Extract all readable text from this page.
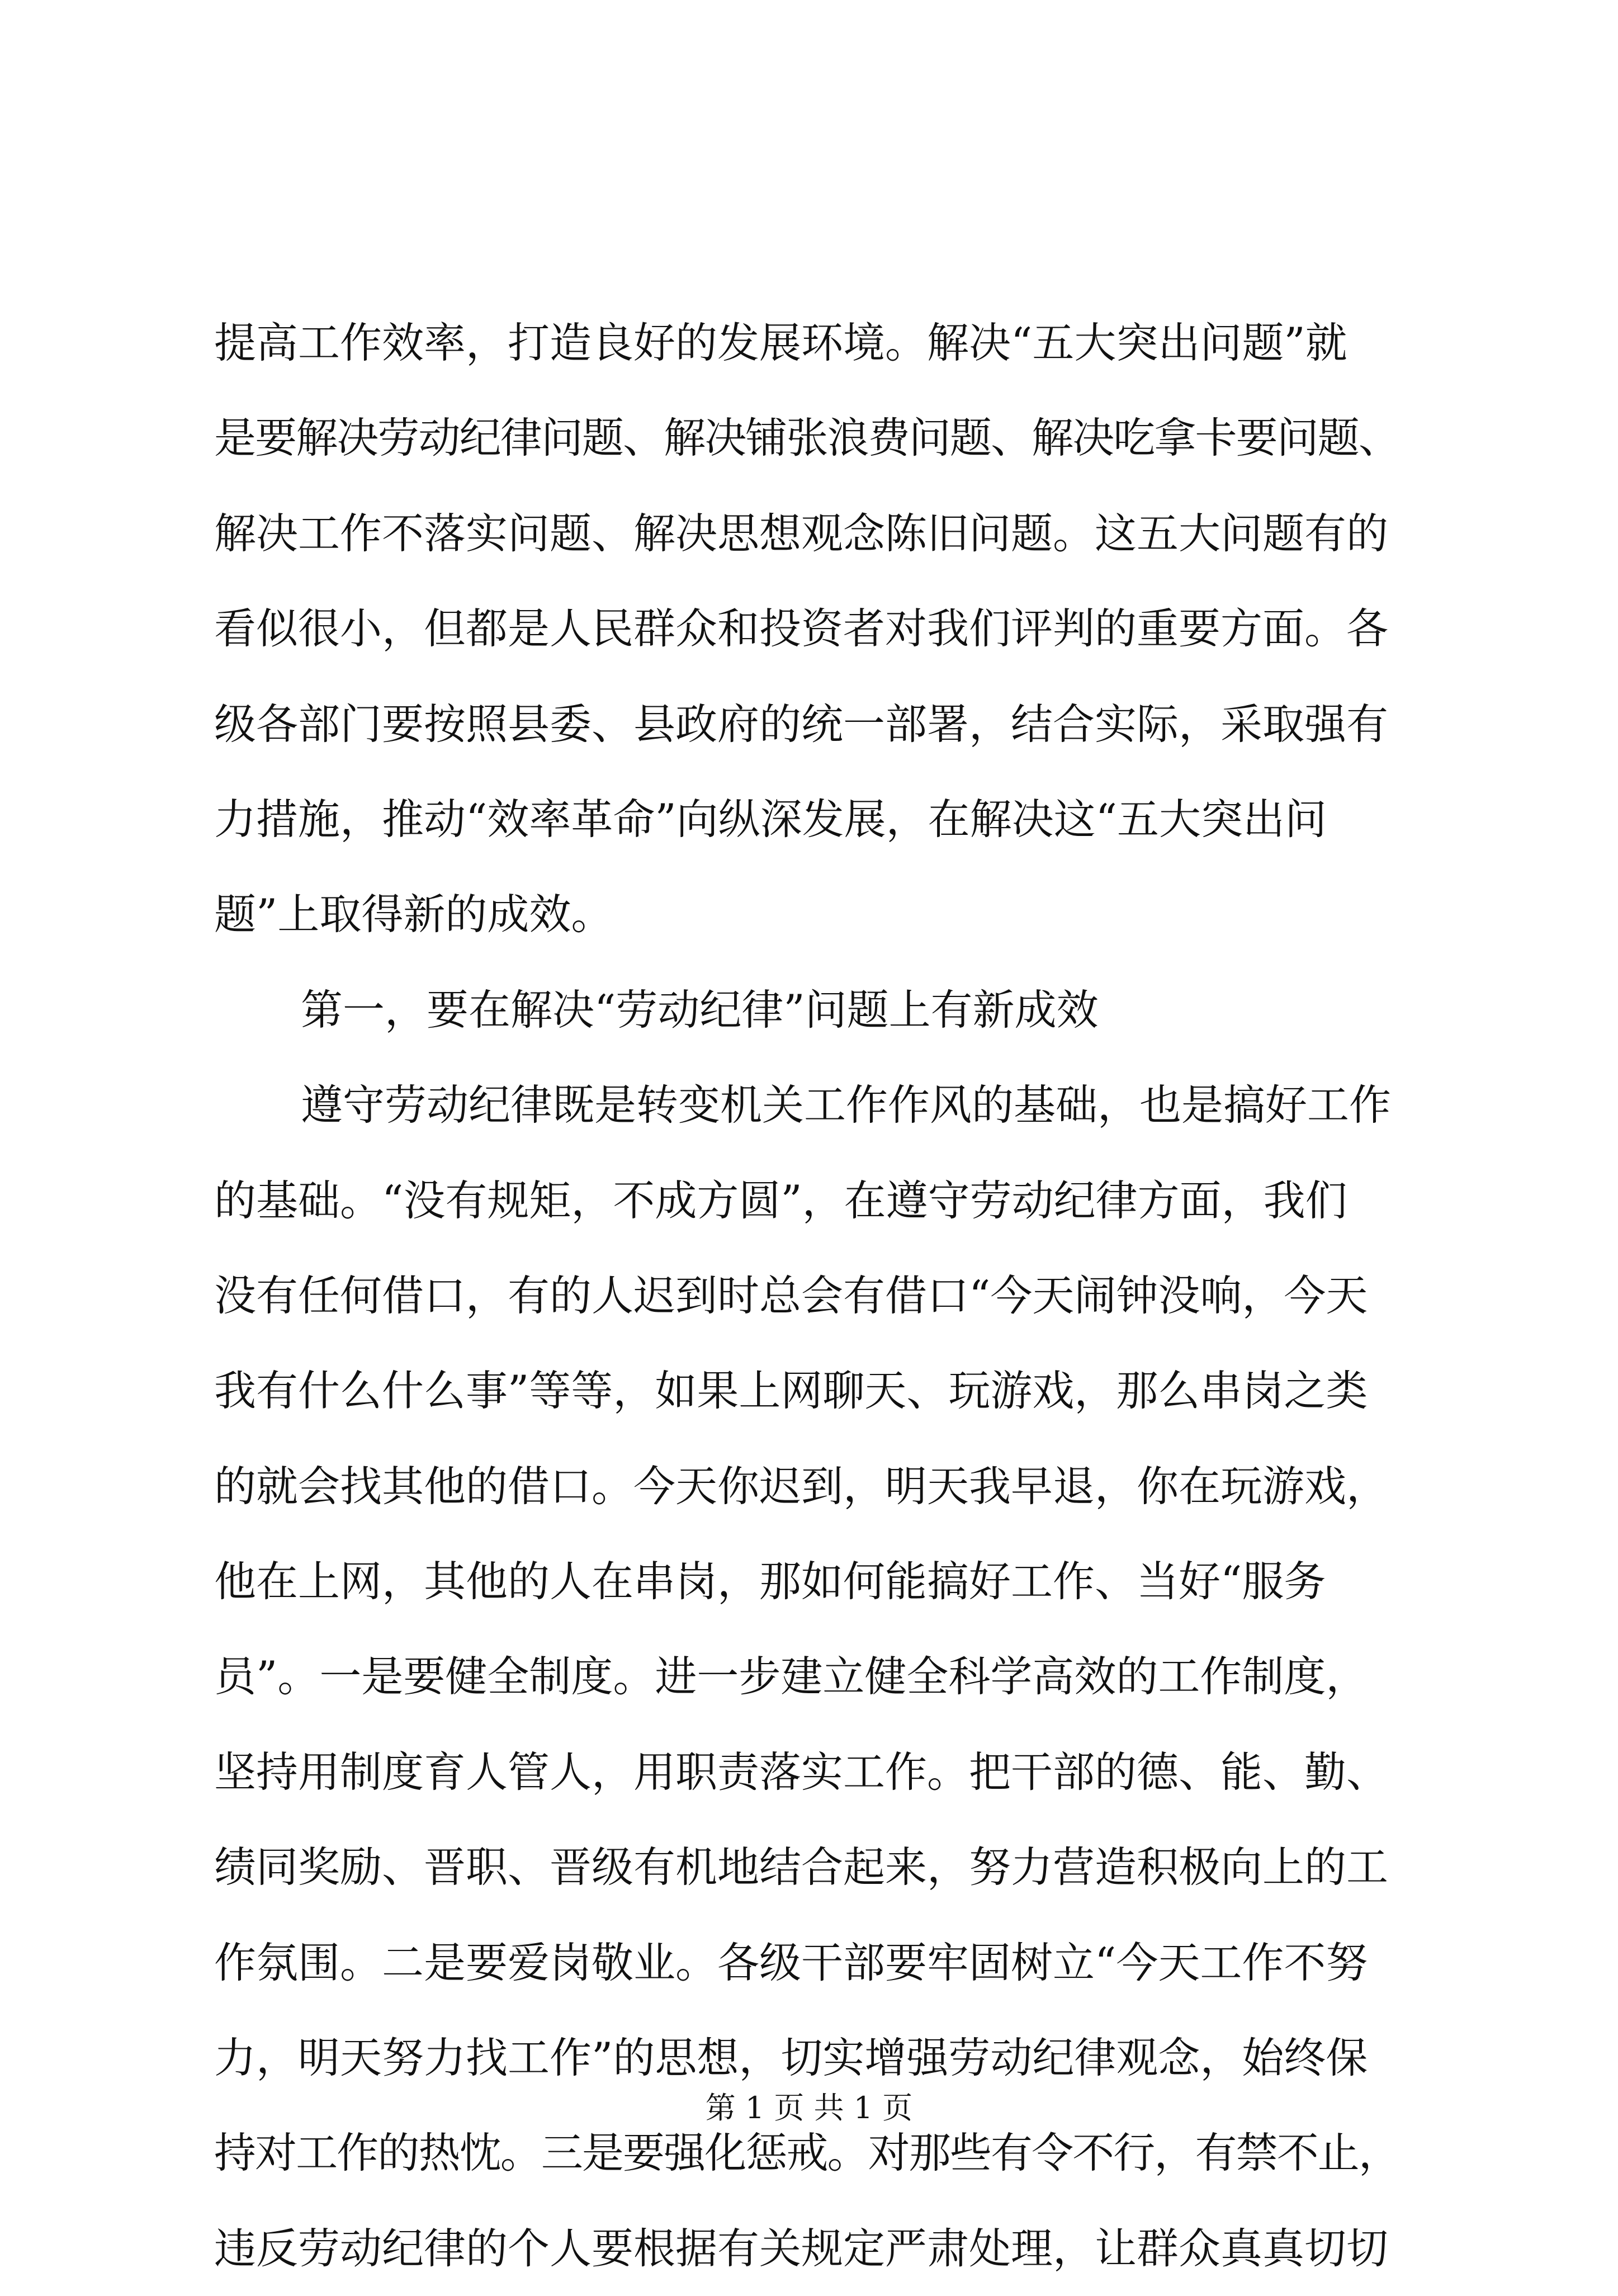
提高工作效率，打造良好的发展环境。解决“五大突出问题”就
是要解决劳动纪律问题、解决铺张浪费问题、解决吃拿卡要问题、
解决工作不落实问题、解决思想观念陈旧问题。这五大问题有的
看似很小，但都是人民群众和投资者对我们评判的重要方面。各
级各部门要按照县委、县政府的统一部署，结合实际，采取强有
力措施，推动“效率革命”向纵深发展，在解决这“五大突出问
题”上取得新的成效。
第一，要在解决“劳动纪律”问题上有新成效
遵守劳动纪律既是转变机关工作作风的基础，也是搞好工作
的基础。“没有规矩，不成方圆”，在遵守劳动纪律方面，我们
没有任何借口，有的人迟到时总会有借口“今天闹钟没响，今天
我有什么什么事”等等，如果上网聊天、玩游戏，那么串岗之类
的就会找其他的借口。今天你迟到，明天我早退，你在玩游戏，
他在上网，其他的人在串岗，那如何能搞好工作、当好“服务
员”。一是要健全制度。进一步建立健全科学高效的工作制度，
坚持用制度育人管人，用职责落实工作。把干部的德、能、勤、
绩同奖励、晋职、晋级有机地结合起来，努力营造积极向上的工
作氛围。二是要爱岗敬业。各级干部要牢固树立“今天工作不努
力，明天努力找工作”的思想，切实增强劳动纪律观念，始终保
持对工作的热忱。三是要强化惩戒。对那些有令不行，有禁不止，
违反劳动纪律的个人要根据有关规定严肃处理，让群众真真切切
第 1 页 共 1 页
